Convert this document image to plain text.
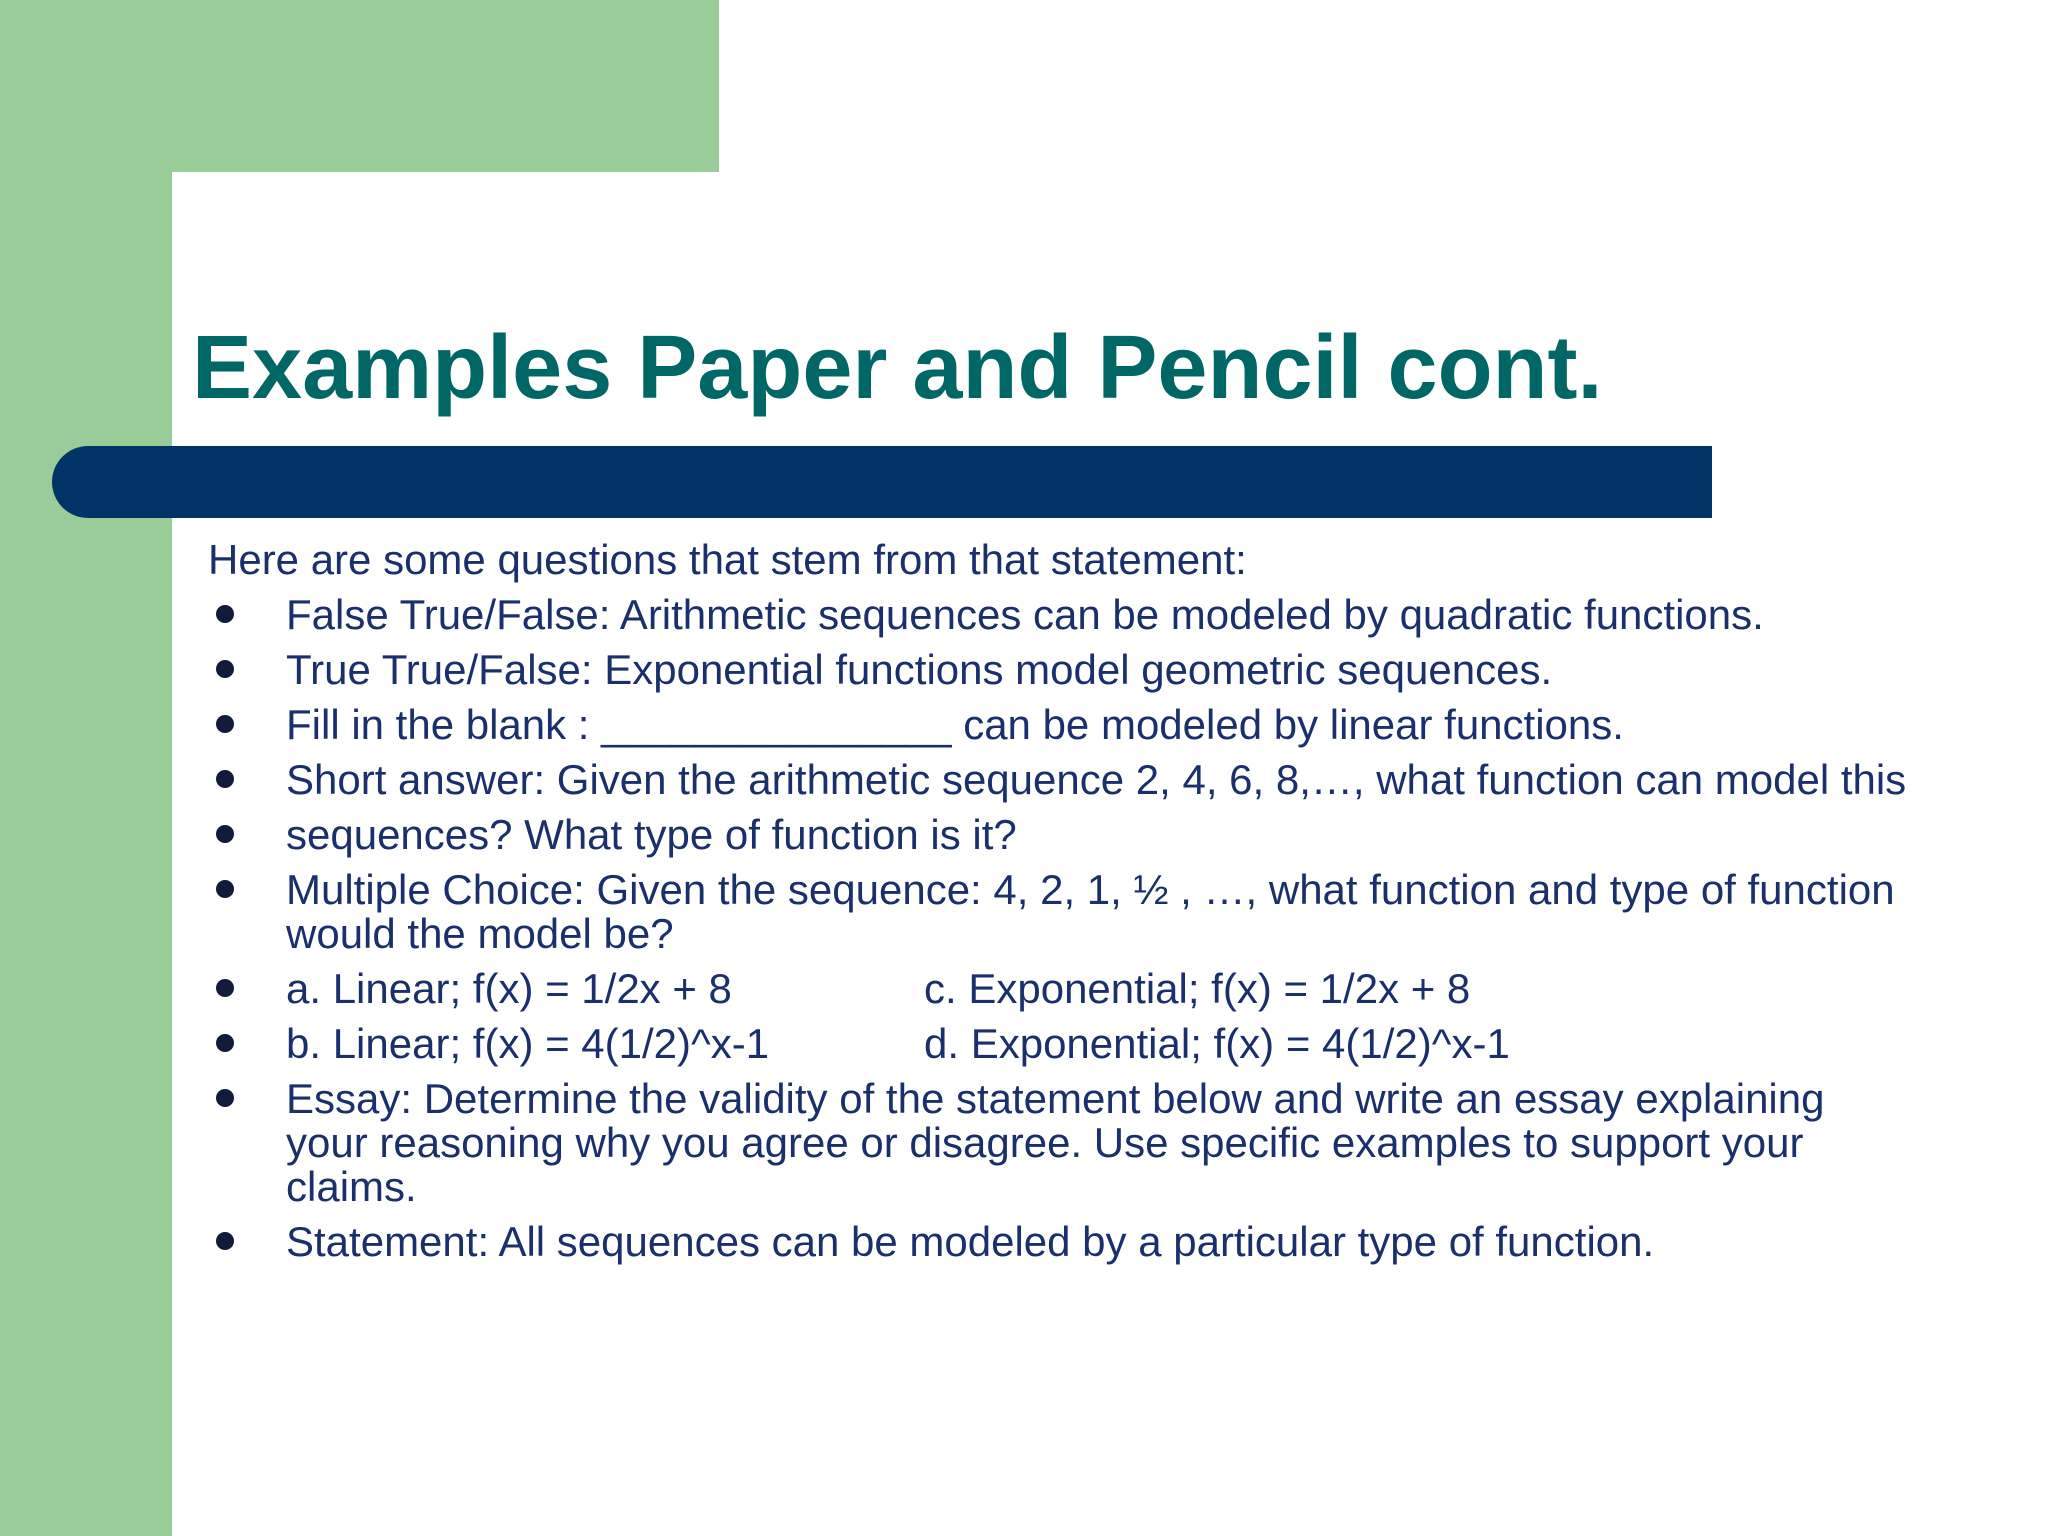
Examples Paper and Pencil cont.

Here are some questions that stem from that statement:

False True/False: Arithmetic sequences can be modeled by quadratic functions.
True True/False: Exponential functions model geometric sequences.
Fill in the blank : _______________ can be modeled by linear functions.
Short answer: Given the arithmetic sequence 2, 4, 6, 8,…, what function can model this
sequences? What type of function is it?
Multiple Choice: Given the sequence: 4, 2, 1, ½ , …, what function and type of function would the model be?
a. Linear; f(x) = 1/2x + 8	c. Exponential; f(x) = 1/2x + 8
b. Linear; f(x) = 4(1/2)^x-1	d. Exponential; f(x) = 4(1/2)^x-1
Essay: Determine the validity of the statement below and write an essay explaining your reasoning why you agree or disagree. Use specific examples to support your claims.
Statement: All sequences can be modeled by a particular type of function.
